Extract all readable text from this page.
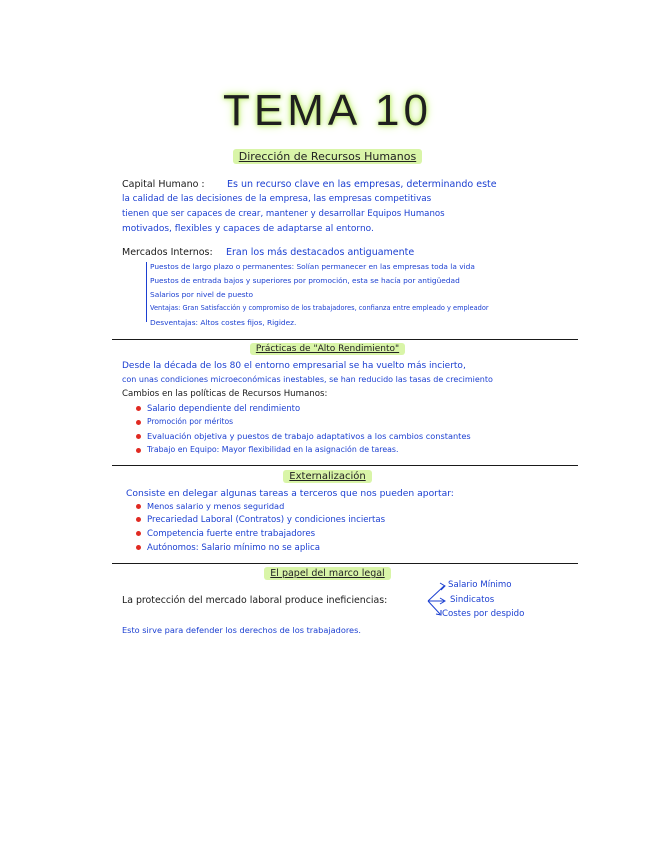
TEMA 10
Dirección de Recursos Humanos
Capital Humano : Es un recurso clave en las empresas, determinando este
la calidad de las decisiones de la empresa, las empresas competitivas
tienen que ser capaces de crear, mantener y desarrollar Equipos Humanos
motivados, flexibles y capaces de adaptarse al entorno.
Mercados Internos: Eran los más destacados antiguamente
Puestos de largo plazo o permanentes: Solían permanecer en las empresas toda la vida
Puestos de entrada bajos y superiores por promoción, esta se hacía por antigüedad
Salarios por nivel de puesto
Ventajas: Gran Satisfacción y compromiso de los trabajadores, confianza entre empleado y empleador
Desventajas: Altos costes fijos, Rigidez.
Prácticas de "Alto Rendimiento"
Desde la década de los 80 el entorno empresarial se ha vuelto más incierto,
con unas condiciones microeconómicas inestables, se han reducido las tasas de crecimiento
Cambios en las políticas de Recursos Humanos:
Salario dependiente del rendimiento
Promoción por méritos
Evaluación objetiva y puestos de trabajo adaptativos a los cambios constantes
Trabajo en Equipo: Mayor flexibilidad en la asignación de tareas.
Externalización
Consiste en delegar algunas tareas a terceros que nos pueden aportar:
Menos salario y menos seguridad
Precariedad Laboral (Contratos) y condiciones inciertas
Competencia fuerte entre trabajadores
Autónomos: Salario mínimo no se aplica
El papel del marco legal
La protección del mercado laboral produce ineficiencias:
Salario Mínimo
Sindicatos
Costes por despido
Esto sirve para defender los derechos de los trabajadores.
